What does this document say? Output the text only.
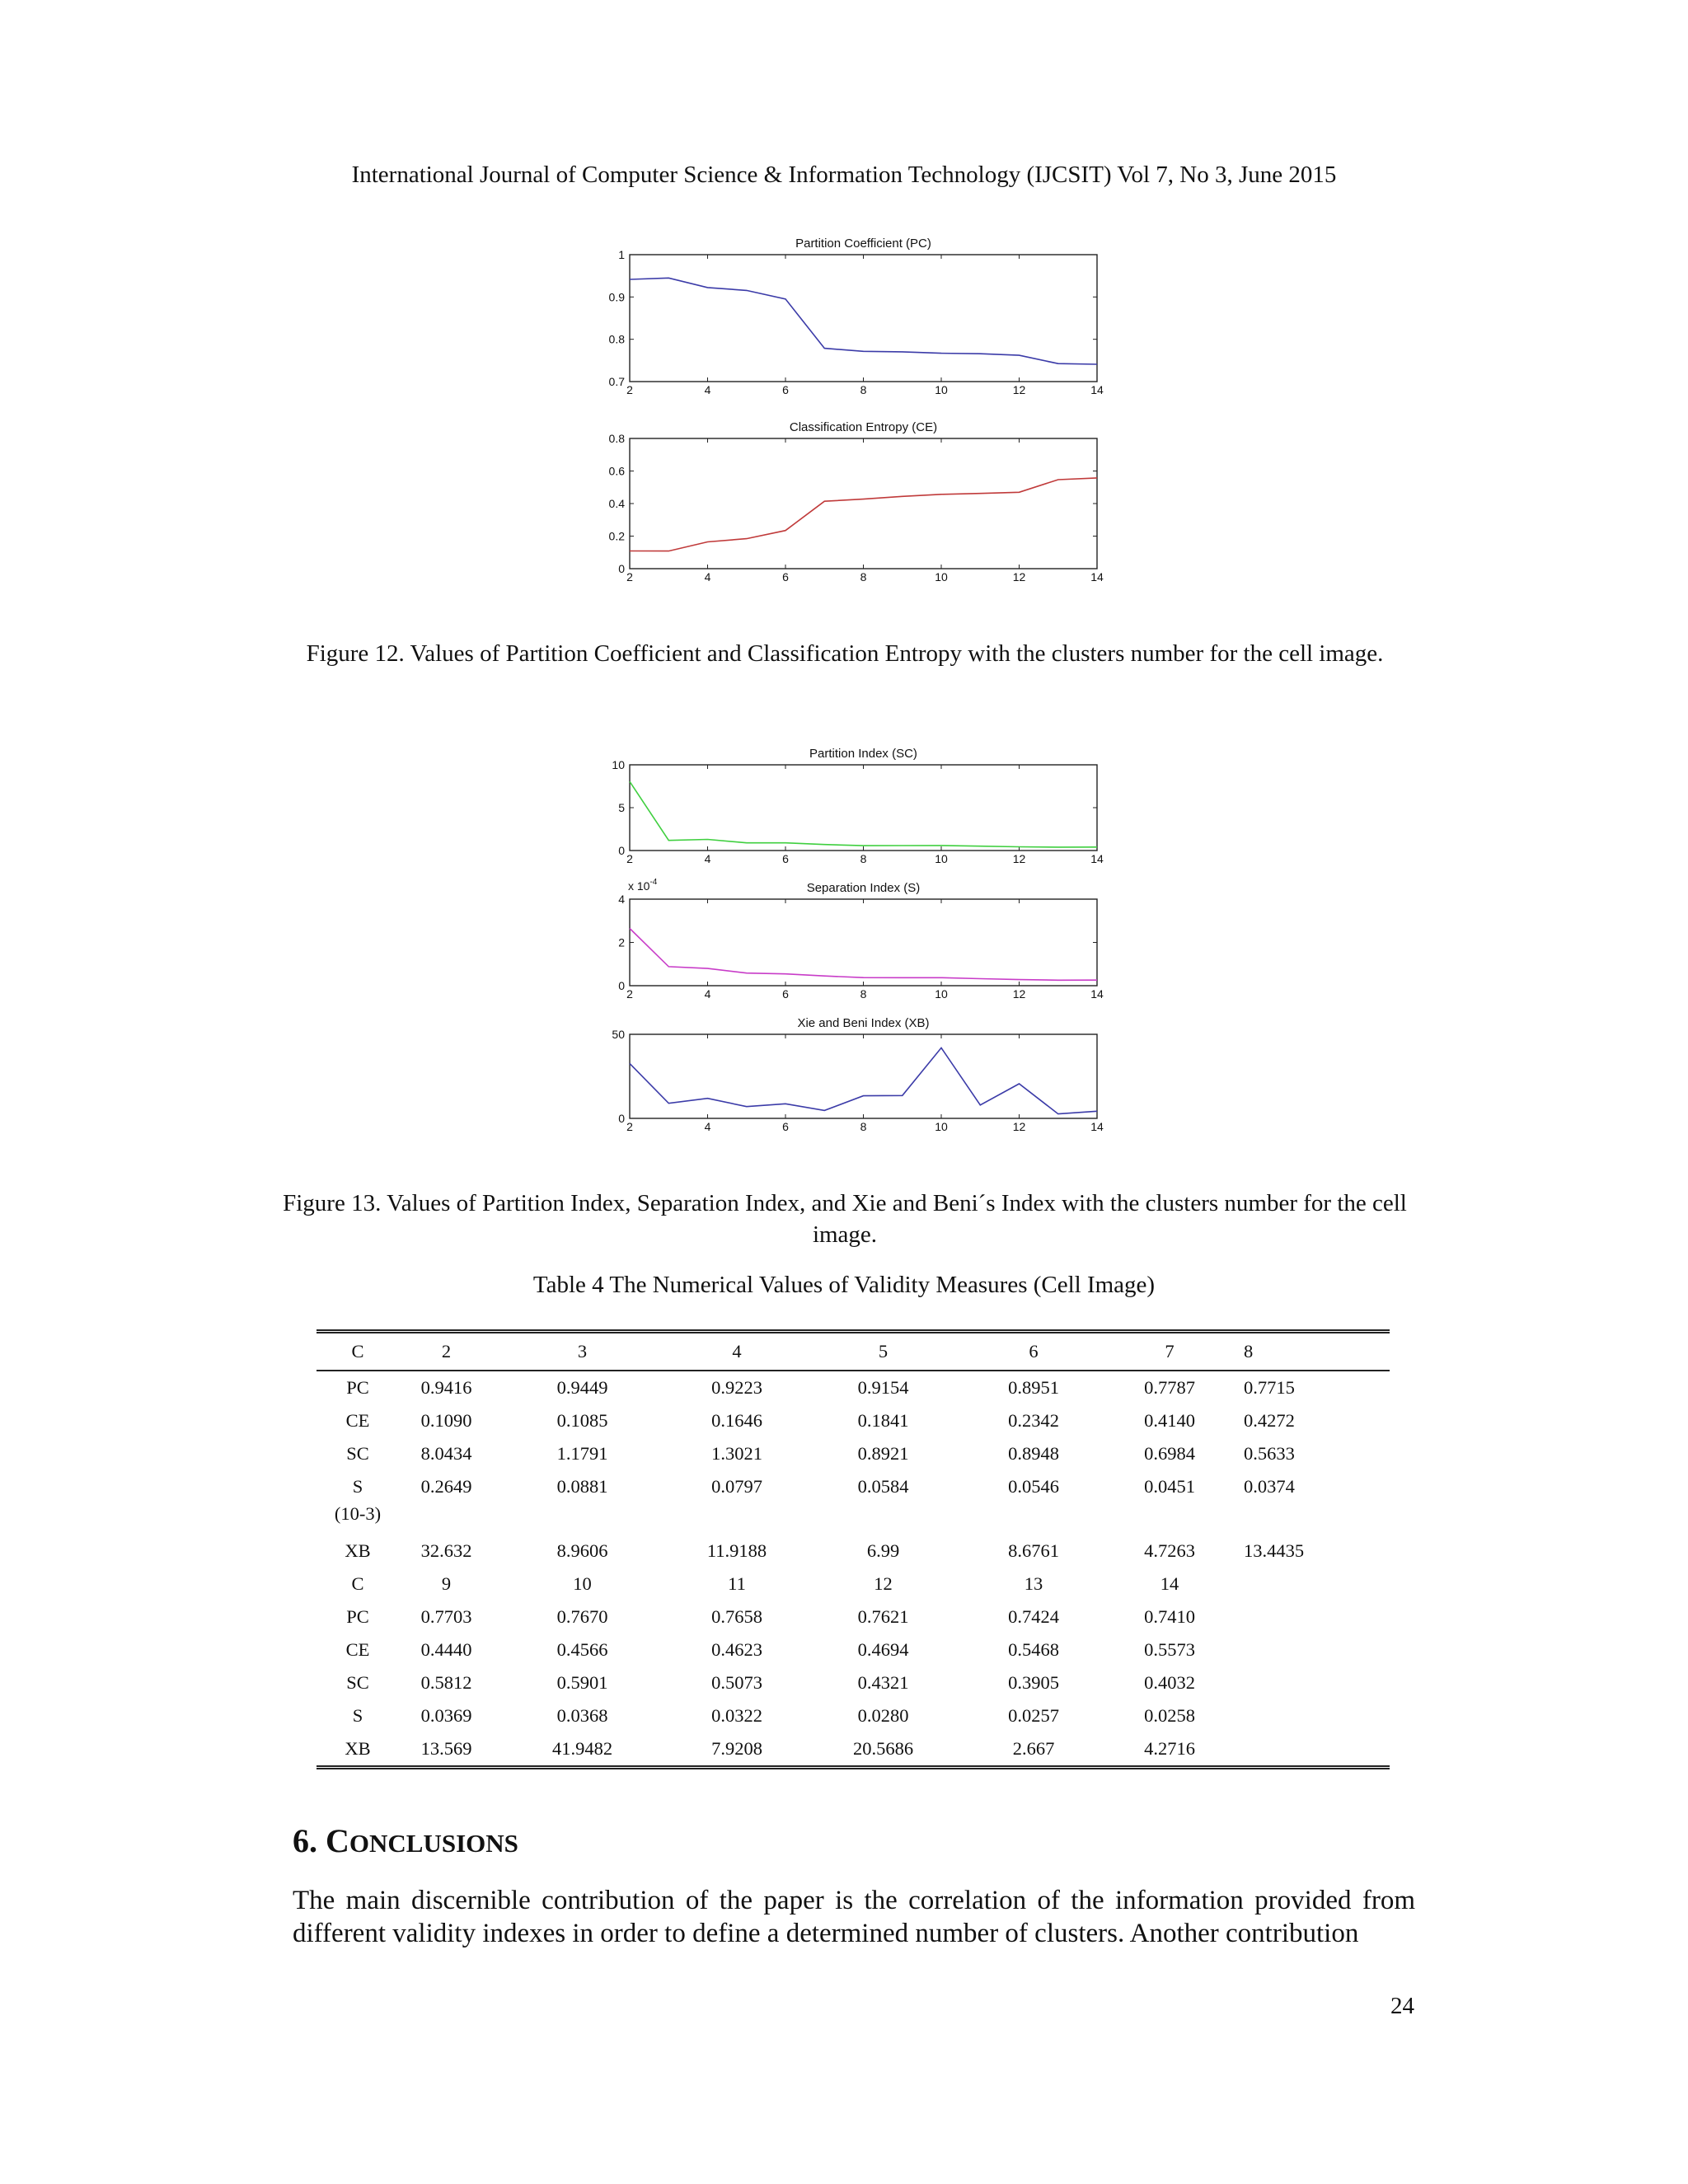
International Journal of Computer Science & Information Technology (IJCSIT) Vol 7, No 3, June 2015
Partition Coefficient (PC)
2	4	6	8	10	12	14
0.7
0.8
0.9
1
Classification Entropy (CE)
2	4	6	8	10	12	14
0
0.2
0.4
0.6
0.8
Figure 12. Values of Partition Coefficient and Classification Entropy with the clusters number for the cell image.
Partition Index (SC)
2	4	6	8	10	12	14
0
5
10
Separation Index (S)
2	4	6	8	10	12	14
0
2
4
x $10^{-4}$
Xie and Beni Index (XB)
2	4	6	8	10	12	14
0
50
Figure 13. Values of Partition Index, Separation Index, and Xie and Beni´s Index with the clusters number for the cell image.
Table 4 The Numerical Values of Validity Measures (Cell Image)
C	2	3	4	5	6	7	8
PC	0.9416	0.9449	0.9223	0.9154	0.8951	0.7787	0.7715
CE	0.1090	0.1085	0.1646	0.1841	0.2342	0.4140	0.4272
SC	8.0434	1.1791	1.3021	0.8921	0.8948	0.6984	0.5633
S	0.2649	0.0881	0.0797	0.0584	0.0546	0.0451	0.0374
(10-3)							
XB	32.632	8.9606	11.9188	6.99	8.6761	4.7263	13.4435
C	9	10	11	12	13	14	
PC	0.7703	0.7670	0.7658	0.7621	0.7424	0.7410	
CE	0.4440	0.4566	0.4623	0.4694	0.5468	0.5573	
SC	0.5812	0.5901	0.5073	0.4321	0.3905	0.4032	
S	0.0369	0.0368	0.0322	0.0280	0.0257	0.0258	
XB	13.569	41.9482	7.9208	20.5686	2.667	4.2716	
6. CONCLUSIONS
The main discernible contribution of the paper is the correlation of the information provided from different validity indexes in order to define a determined number of clusters. Another contribution
24
